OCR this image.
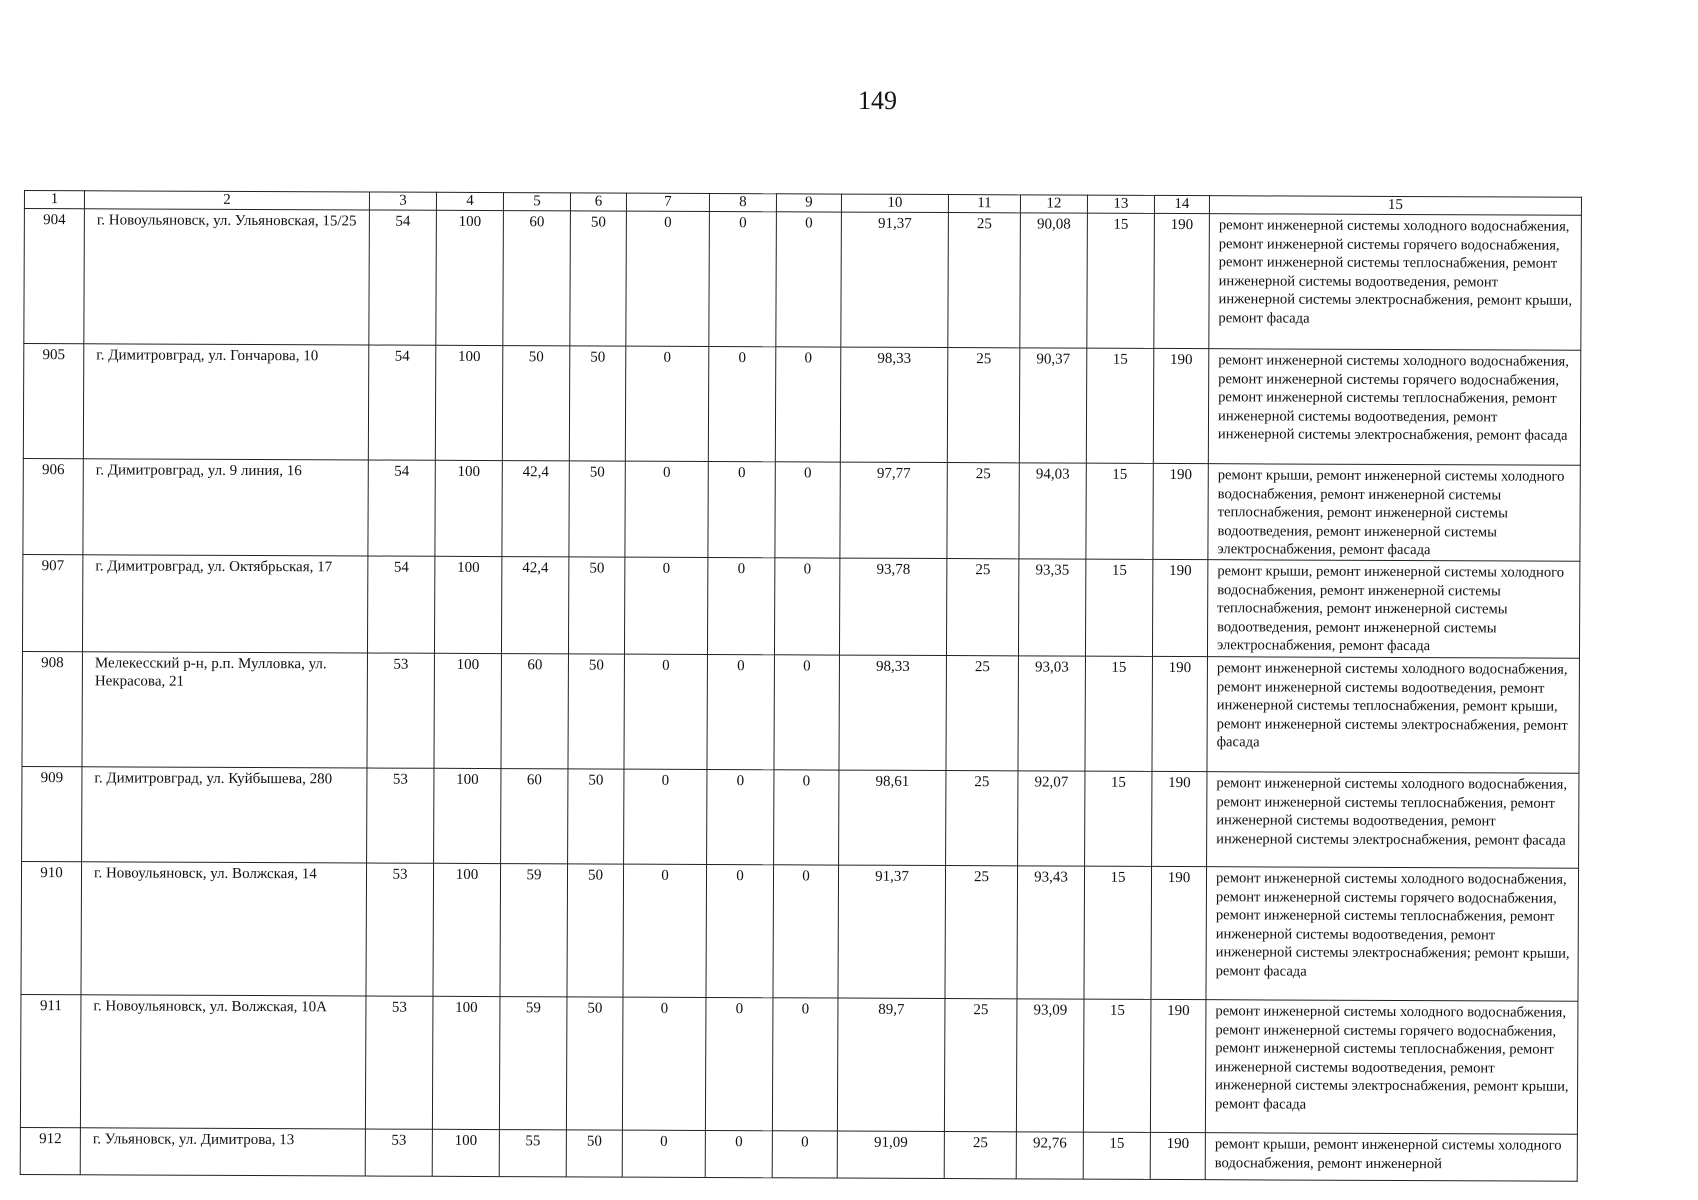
149
1	2	3	4	5	6	7	8	9	10	11	12	13	14	15
904	г. Новоульяновск, ул. Ульяновская, 15/25	54	100	60	50	0	0	0	91,37	25	90,08	15	190	ремонт инженерной системы холодного водоснабжения, ремонт инженерной системы горячего водоснабжения, ремонт инженерной системы теплоснабжения, ремонт инженерной системы водоотведения, ремонт инженерной системы электроснабжения, ремонт крыши, ремонт фасада
905	г. Димитровград, ул. Гончарова, 10	54	100	50	50	0	0	0	98,33	25	90,37	15	190	ремонт инженерной системы холодного водоснабжения, ремонт инженерной системы горячего водоснабжения, ремонт инженерной системы теплоснабжения, ремонт инженерной системы водоотведения, ремонт инженерной системы электроснабжения, ремонт фасада
906	г. Димитровград, ул. 9 линия, 16	54	100	42,4	50	0	0	0	97,77	25	94,03	15	190	ремонт крыши, ремонт инженерной системы холодного водоснабжения, ремонт инженерной системы теплоснабжения, ремонт инженерной системы водоотведения, ремонт инженерной системы электроснабжения, ремонт фасада
907	г. Димитровград, ул. Октябрьская, 17	54	100	42,4	50	0	0	0	93,78	25	93,35	15	190	ремонт крыши, ремонт инженерной системы холодного водоснабжения, ремонт инженерной системы теплоснабжения, ремонт инженерной системы водоотведения, ремонт инженерной системы электроснабжения, ремонт фасада
908	Мелекесский р-н, р.п. Мулловка, ул. Некрасова, 21	53	100	60	50	0	0	0	98,33	25	93,03	15	190	ремонт инженерной системы холодного водоснабжения, ремонт инженерной системы водоотведения, ремонт инженерной системы теплоснабжения, ремонт крыши, ремонт инженерной системы электроснабжения, ремонт фасада
909	г. Димитровград, ул. Куйбышева, 280	53	100	60	50	0	0	0	98,61	25	92,07	15	190	ремонт инженерной системы холодного водоснабжения, ремонт инженерной системы теплоснабжения, ремонт инженерной системы водоотведения, ремонт инженерной системы электроснабжения, ремонт фасада
910	г. Новоульяновск, ул. Волжская, 14	53	100	59	50	0	0	0	91,37	25	93,43	15	190	ремонт инженерной системы холодного водоснабжения, ремонт инженерной системы горячего водоснабжения, ремонт инженерной системы теплоснабжения, ремонт инженерной системы водоотведения, ремонт инженерной системы электроснабжения; ремонт крыши, ремонт фасада
911	г. Новоульяновск, ул. Волжская, 10А	53	100	59	50	0	0	0	89,7	25	93,09	15	190	ремонт инженерной системы холодного водоснабжения, ремонт инженерной системы горячего водоснабжения, ремонт инженерной системы теплоснабжения, ремонт инженерной системы водоотведения, ремонт инженерной системы электроснабжения, ремонт крыши, ремонт фасада
912	г. Ульяновск, ул. Димитрова, 13	53	100	55	50	0	0	0	91,09	25	92,76	15	190	ремонт крыши, ремонт инженерной системы холодного водоснабжения, ремонт инженерной
